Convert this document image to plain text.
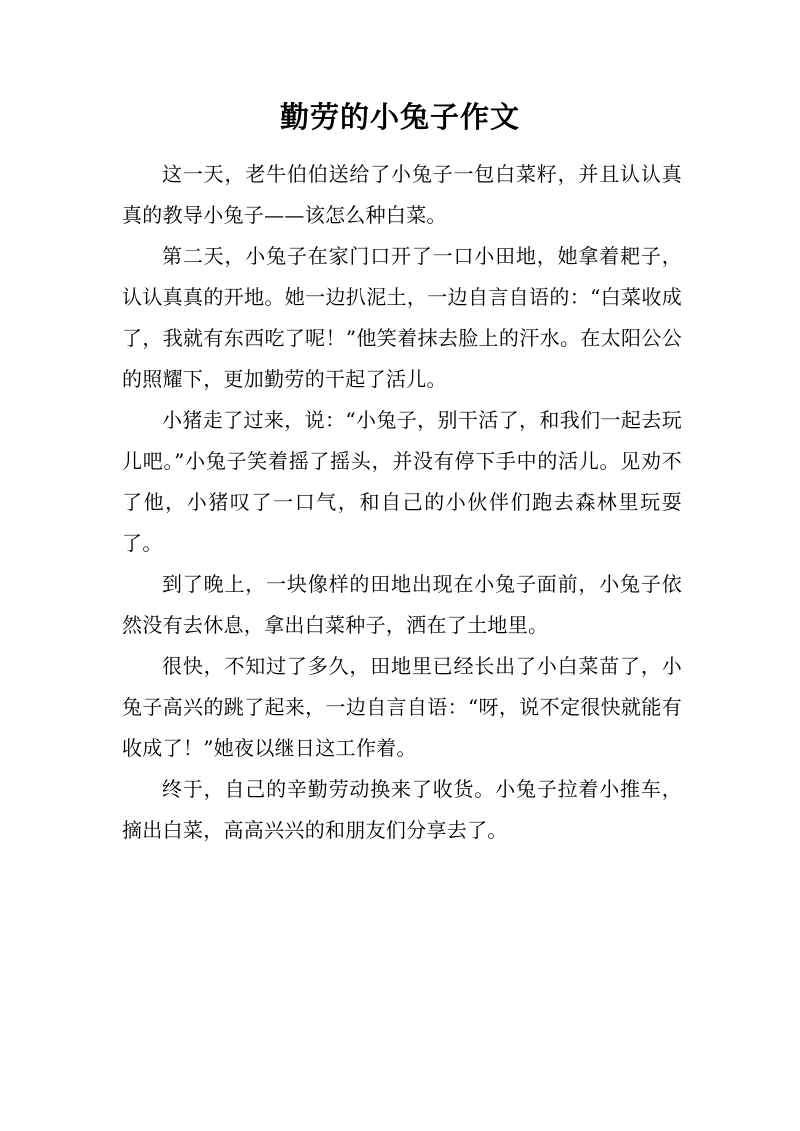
勤劳的小兔子作文

这一天，老牛伯伯送给了小兔子一包白菜籽，并且认认真真的教导小兔子——该怎么种白菜。

第二天，小兔子在家门口开了一口小田地，她拿着耙子，认认真真的开地。她一边扒泥土，一边自言自语的：“白菜收成了，我就有东西吃了呢！”他笑着抹去脸上的汗水。在太阳公公的照耀下，更加勤劳的干起了活儿。

小猪走了过来，说：“小兔子，别干活了，和我们一起去玩儿吧。”小兔子笑着摇了摇头，并没有停下手中的活儿。见劝不了他，小猪叹了一口气，和自己的小伙伴们跑去森林里玩耍了。

到了晚上，一块像样的田地出现在小兔子面前，小兔子依然没有去休息，拿出白菜种子，洒在了土地里。

很快，不知过了多久，田地里已经长出了小白菜苗了，小兔子高兴的跳了起来，一边自言自语：“呀，说不定很快就能有收成了！”她夜以继日这工作着。

终于，自己的辛勤劳动换来了收货。小兔子拉着小推车，摘出白菜，高高兴兴的和朋友们分享去了。
